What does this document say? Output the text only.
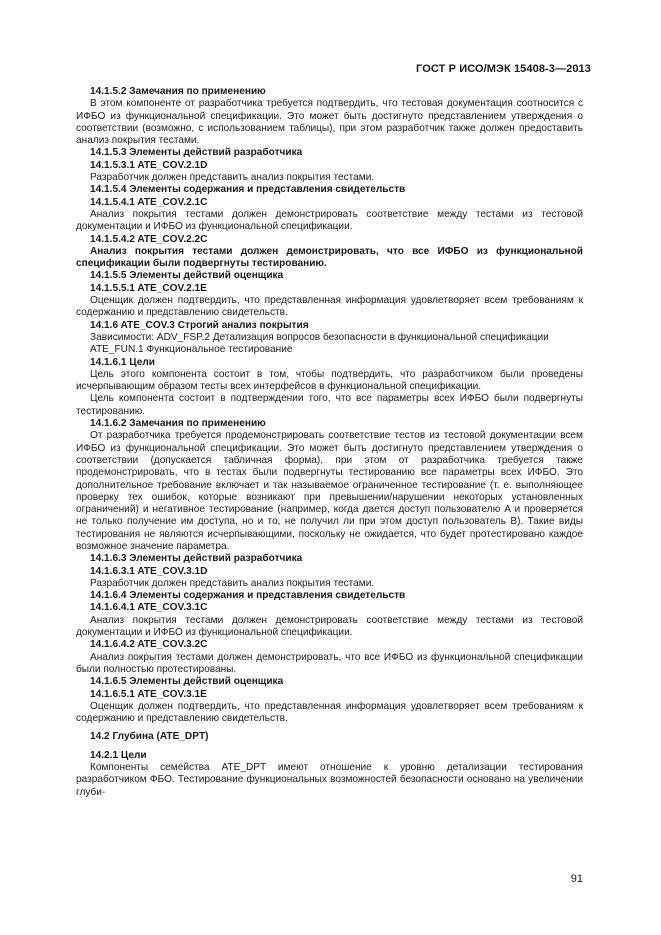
ГОСТ Р ИСО/МЭК 15408-3—2013

14.1.5.2 Замечания по применению

В этом компоненте от разработчика требуется подтвердить, что тестовая документация соотносится с ИФБО из функциональной спецификации. Это может быть достигнуто представлением утверждения о соответствии (возможно, с использованием таблицы), при этом разработчик также должен предоставить анализ покрытия тестами.

14.1.5.3 Элементы действий разработчика

14.1.5.3.1 ATE_COV.2.1D

Разработчик должен представить анализ покрытия тестами.

14.1.5.4 Элементы содержания и представления свидетельств

14.1.5.4.1 ATE_COV.2.1C

Анализ покрытия тестами должен демонстрировать соответствие между тестами из тестовой документации и ИФБО из функциональной спецификации.

14.1.5.4.2 ATE_COV.2.2C

Анализ покрытия тестами должен демонстрировать, что все ИФБО из функциональной спецификации были подвергнуты тестированию.

14.1.5.5 Элементы действий оценщика

14.1.5.5.1 ATE_COV.2.1E

Оценщик должен подтвердить, что представленная информация удовлетворяет всем требованиям к содержанию и представлению свидетельств.

14.1.6 ATE_COV.3 Строгий анализ покрытия

Зависимости: ADV_FSP.2 Детализация вопросов безопасности в функциональной спецификации

ATE_FUN.1 Функциональное тестирование

14.1.6.1 Цели

Цель этого компонента состоит в том, чтобы подтвердить, что разработчиком были проведены исчерпывающим образом тесты всех интерфейсов в функциональной спецификации.

Цель компонента состоит в подтверждении того, что все параметры всех ИФБО были подвергнуты тестированию.

14.1.6.2 Замечания по применению

От разработчика требуется продемонстрировать соответствие тестов из тестовой документации всем ИФБО из функциональной спецификации. Это может быть достигнуто представлением утверждения о соответствии (допускается табличная форма), при этом от разработчика требуется также продемонстрировать, что в тестах были подвергнуты тестированию все параметры всех ИФБО. Это дополнительное требование включает и так называемое ограниченное тестирование (т. е. выполняющее проверку тех ошибок, которые возникают при превышении/нарушении некоторых установленных ограничений) и негативное тестирование (например, когда дается доступ пользователю A и проверяется не только получение им доступа, но и то, не получил ли при этом доступ пользователь B). Такие виды тестирования не являются исчерпывающими, поскольку не ожидается, что будет протестировано каждое возможное значение параметра.

14.1.6.3 Элементы действий разработчика

14.1.6.3.1 ATE_COV.3.1D

Разработчик должен представить анализ покрытия тестами.

14.1.6.4 Элементы содержания и представления свидетельств

14.1.6.4.1 ATE_COV.3.1C

Анализ покрытия тестами должен демонстрировать соответствие между тестами из тестовой документации и ИФБО из функциональной спецификации.

14.1.6.4.2 ATE_COV.3.2C

Анализ покрытия тестами должен демонстрировать, что все ИФБО из функциональной спецификации были полностью протестированы.

14.1.6.5 Элементы действий оценщика

14.1.6.5.1 ATE_COV.3.1E

Оценщик должен подтвердить, что представленная информация удовлетворяет всем требованиям к содержанию и представлению свидетельств.

14.2 Глубина (ATE_DPT)

14.2.1 Цели

Компоненты семейства ATE_DPT имеют отношение к уровню детализации тестирования разработчиком ФБО. Тестирование функциональных возможностей безопасности основано на увеличении глуби-

91
